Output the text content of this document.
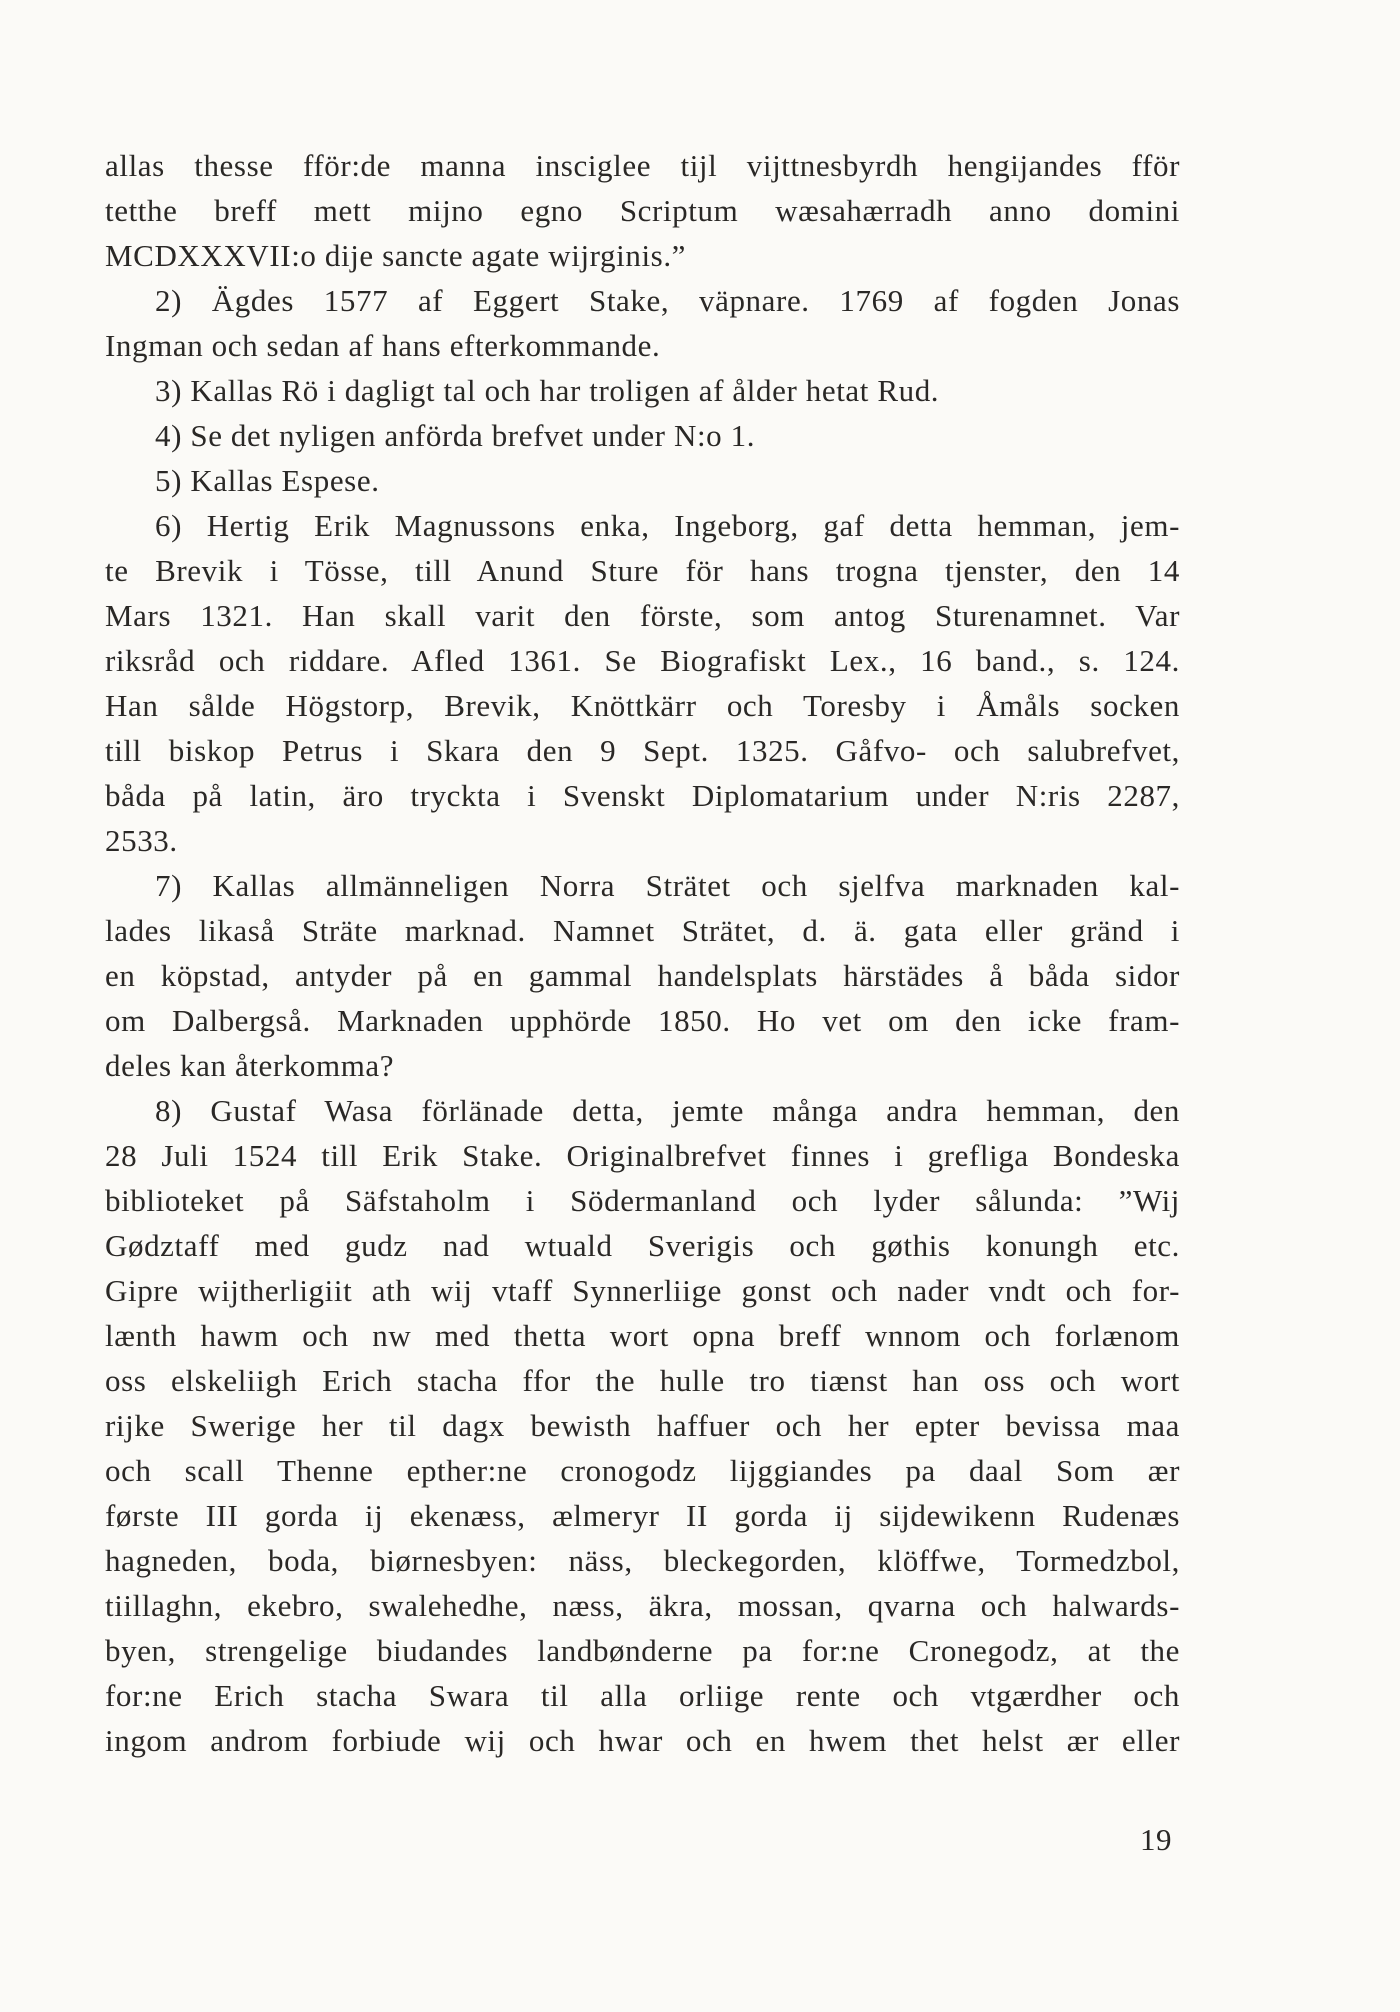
allas thesse fför:de manna insciglee tijl vijttnesbyrdh hengijandes fför
tetthe breff mett mijno egno Scriptum wæsahærradh anno domini
MCDXXXVII:o dije sancte agate wijrginis.”
2) Ägdes 1577 af Eggert Stake, väpnare. 1769 af fogden Jonas
Ingman och sedan af hans efterkommande.
3) Kallas Rö i dagligt tal och har troligen af ålder hetat Rud.
4) Se det nyligen anförda brefvet under N:o 1.
5) Kallas Espese.
6) Hertig Erik Magnussons enka, Ingeborg, gaf detta hemman, jem-
te Brevik i Tösse, till Anund Sture för hans trogna tjenster, den 14
Mars 1321. Han skall varit den förste, som antog Sturenamnet. Var
riksråd och riddare. Afled 1361. Se Biografiskt Lex., 16 band., s. 124.
Han sålde Högstorp, Brevik, Knöttkärr och Toresby i Åmåls socken
till biskop Petrus i Skara den 9 Sept. 1325. Gåfvo- och salubrefvet,
båda på latin, äro tryckta i Svenskt Diplomatarium under N:ris 2287,
2533.
7) Kallas allmänneligen Norra Strätet och sjelfva marknaden kal-
lades likaså Sträte marknad. Namnet Strätet, d. ä. gata eller gränd i
en köpstad, antyder på en gammal handelsplats härstädes å båda sidor
om Dalbergså. Marknaden upphörde 1850. Ho vet om den icke fram-
deles kan återkomma?
8) Gustaf Wasa förlänade detta, jemte många andra hemman, den
28 Juli 1524 till Erik Stake. Originalbrefvet finnes i grefliga Bondeska
biblioteket på Säfstaholm i Södermanland och lyder sålunda: ”Wij
Gødztaff med gudz nad wtuald Sverigis och gøthis konungh etc.
Gipre wijtherligiit ath wij vtaff Synnerliige gonst och nader vndt och for-
lænth hawm och nw med thetta wort opna breff wnnom och forlænom
oss elskeliigh Erich stacha ffor the hulle tro tiænst han oss och wort
rijke Swerige her til dagx bewisth haffuer och her epter bevissa maa
och scall Thenne epther:ne cronogodz lijggiandes pa daal Som ær
første III gorda ij ekenæss, ælmeryr II gorda ij sijdewikenn Rudenæs
hagneden, boda, biørnesbyen: näss, bleckegorden, klöffwe, Tormedzbol,
tiillaghn, ekebro, swalehedhe, næss, äkra, mossan, qvarna och halwards-
byen, strengelige biudandes landbønderne pa for:ne Cronegodz, at the
for:ne Erich stacha Swara til alla orliige rente och vtgærdher och
ingom androm forbiude wij och hwar och en hwem thet helst ær eller
19
